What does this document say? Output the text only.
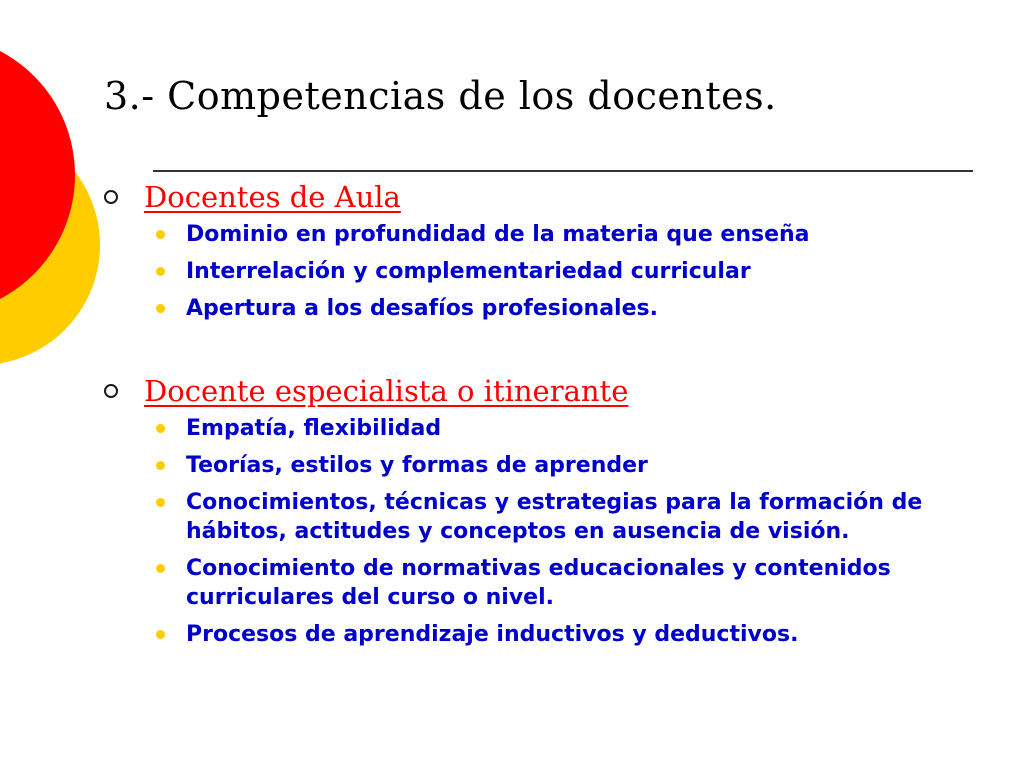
3.- Competencias de los docentes.
Docentes de Aula
Dominio en profundidad de la materia que enseña
Interrelación y complementariedad curricular
Apertura a los desafíos profesionales.
Docente especialista o itinerante
Empatía, flexibilidad
Teorías, estilos y formas de aprender
Conocimientos, técnicas y estrategias para la formación de hábitos, actitudes y conceptos en ausencia de visión.
Conocimiento de normativas educacionales y contenidos curriculares del curso o nivel.
Procesos de aprendizaje inductivos y deductivos.
